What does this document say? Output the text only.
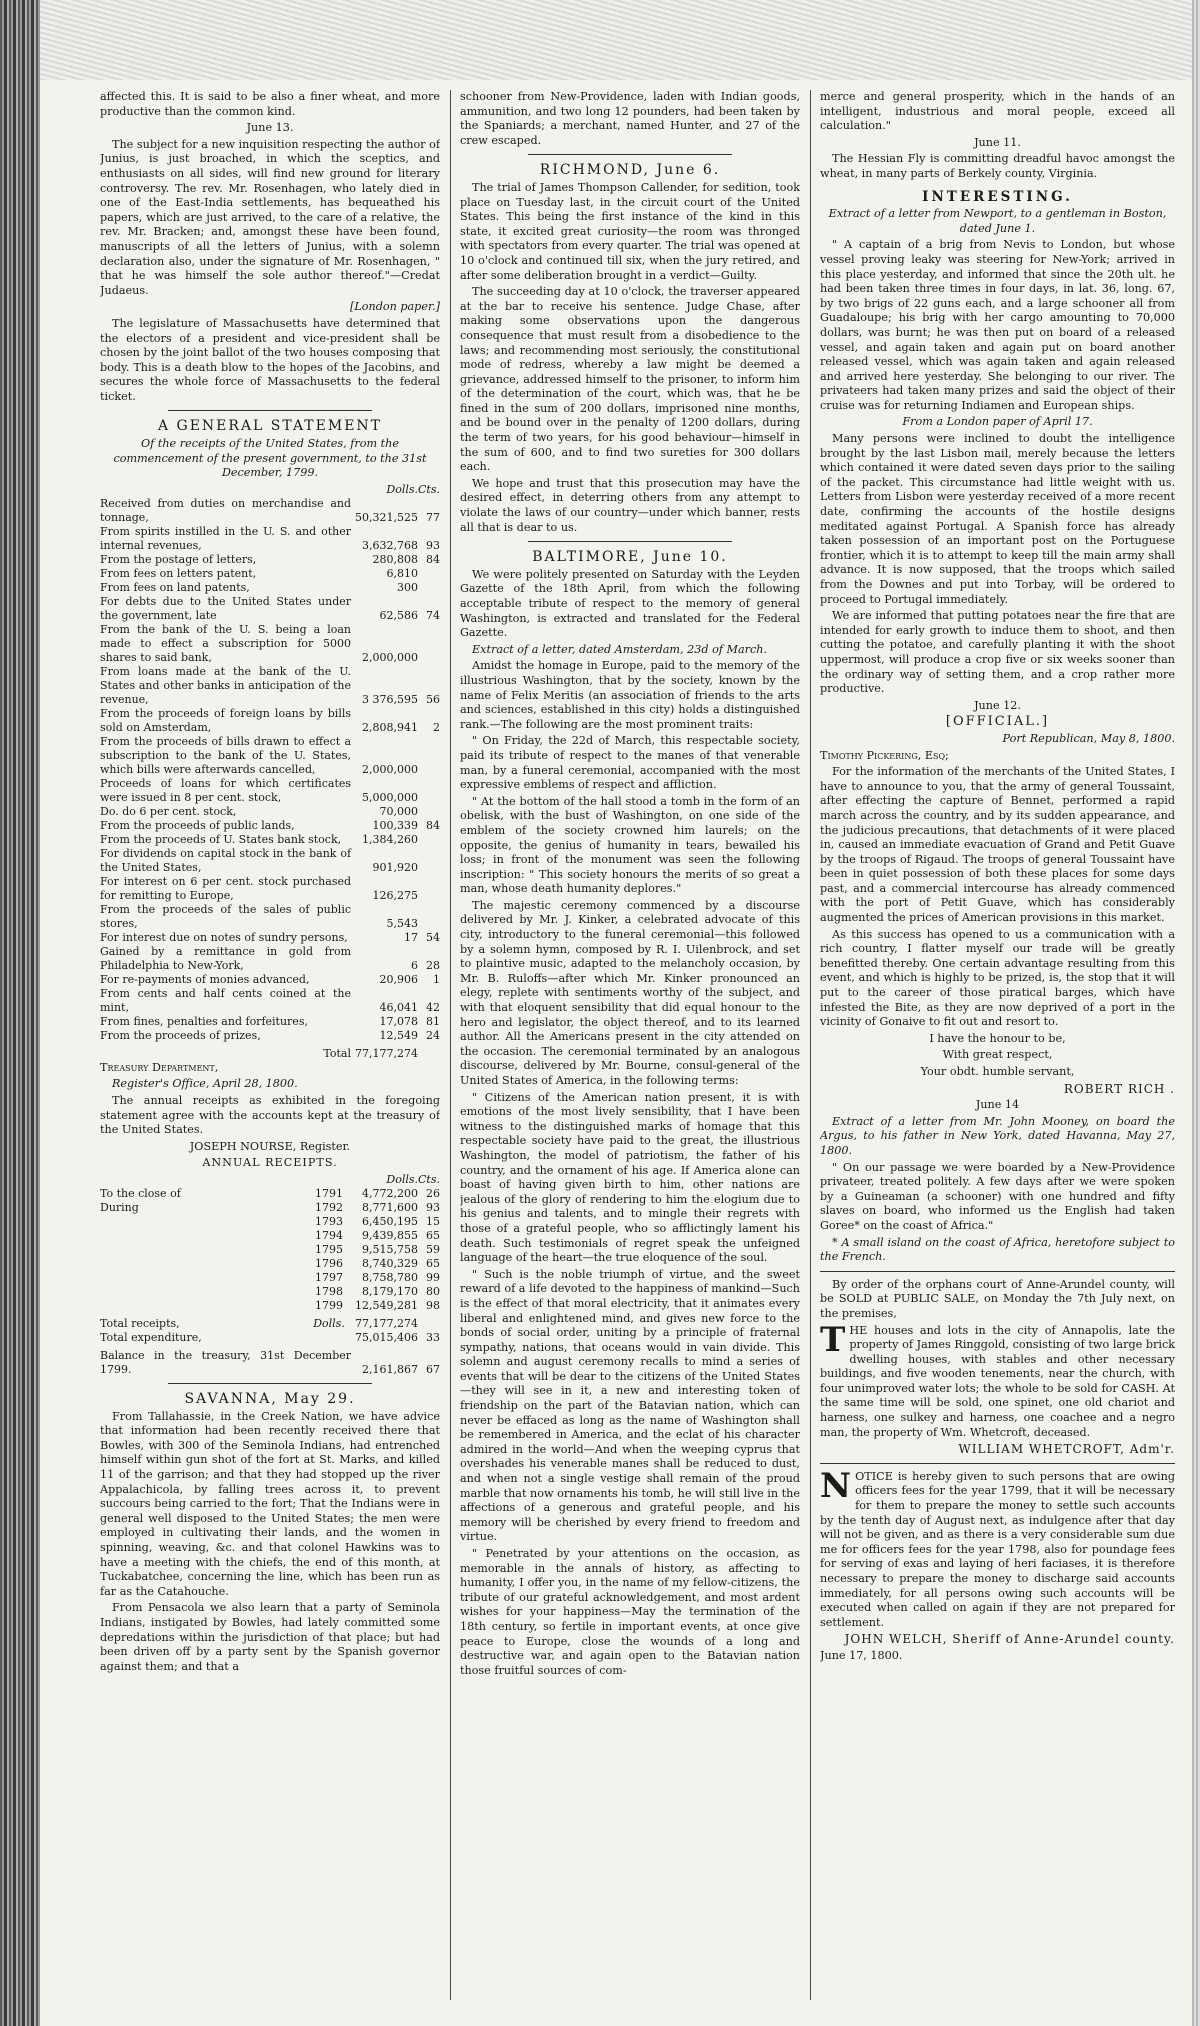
affected this. It is said to be also a finer wheat, and more productive than the common kind.

June 13.

The subject for a new inquisition respecting the author of Junius, is just broached, in which the sceptics, and enthusiasts on all sides, will find new ground for literary controversy. The rev. Mr. Rosenhagen, who lately died in one of the East-India settlements, has bequeathed his papers, which are just arrived, to the care of a relative, the rev. Mr. Bracken; and, amongst these have been found, manuscripts of all the letters of Junius, with a solemn declaration also, under the signature of Mr. Rosenhagen, " that he was himself the sole author thereof."—Credat Judaeus.

[London paper.]

The legislature of Massachusetts have determined that the electors of a president and vice-president shall be chosen by the joint ballot of the two houses composing that body. This is a death blow to the hopes of the Jacobins, and secures the whole force of Massachusetts to the federal ticket.

A GENERAL STATEMENT

Of the receipts of the United States, from the commencement of the present government, to the 31st December, 1799.

	Dolls.	Cts.
Received from duties on merchandise and tonnage,	50,321,525	77
From spirits instilled in the U. S. and other internal revenues,	3,632,768	93
From the postage of letters,	280,808	84
From fees on letters patent,	6,810	
From fees on land patents,	300	
For debts due to the United States under the government, late	62,586	74
From the bank of the U. S. being a loan made to effect a subscription for 5000 shares to said bank,	2,000,000	
From loans made at the bank of the U. States and other banks in anticipation of the revenue,	3 376,595	56
From the proceeds of foreign loans by bills sold on Amsterdam,	2,808,941	2
From the proceeds of bills drawn to effect a subscription to the bank of the U. States, which bills were afterwards cancelled,	2,000,000	
Proceeds of loans for which certificates were issued in 8 per cent. stock,	5,000,000	
Do. do 6 per cent. stock,	70,000	
From the proceeds of public lands,	100,339	84
From the proceeds of U. States bank stock,	1,384,260	
For dividends on capital stock in the bank of the United States,	901,920	
For interest on 6 per cent. stock purchased for remitting to Europe,	126,275	
From the proceeds of the sales of public stores,	5,543	
For interest due on notes of sundry persons,	17	54
Gained by a remittance in gold from Philadelphia to New-York,	6	28
For re-payments of monies advanced,	20,906	1
From cents and half cents coined at the mint,	46,041	42
From fines, penalties and forfeitures,	17,078	81
From the proceeds of prizes,	12,549	24
Total	77,177,274	

Treasury Department,

Register's Office, April 28, 1800.

The annual receipts as exhibited in the foregoing statement agree with the accounts kept at the treasury of the United States.

JOSEPH NOURSE, Register.

ANNUAL RECEIPTS.

		Dolls.	Cts.
To the close of	1791	4,772,200	26
During	1792	8,771,600	93
	1793	6,450,195	15
	1794	9,439,855	65
	1795	9,515,758	59
	1796	8,740,329	65
	1797	8,758,780	99
	1798	8,179,170	80
	1799	12,549,281	98
Total receipts,	Dolls.	77,177,274	
Total expenditure,		75,015,406	33
Balance in the treasury, 31st December 1799.		2,161,867	67
SAVANNA, May 29.

From Tallahassie, in the Creek Nation, we have advice that information had been recently received there that Bowles, with 300 of the Seminola Indians, had entrenched himself within gun shot of the fort at St. Marks, and killed 11 of the garrison; and that they had stopped up the river Appalachicola, by falling trees across it, to prevent succours being carried to the fort; That the Indians were in general well disposed to the United States; the men were employed in cultivating their lands, and the women in spinning, weaving, &c. and that colonel Hawkins was to have a meeting with the chiefs, the end of this month, at Tuckabatchee, concerning the line, which has been run as far as the Catahouche.

From Pensacola we also learn that a party of Seminola Indians, instigated by Bowles, had lately committed some depredations within the jurisdiction of that place; but had been driven off by a party sent by the Spanish governor against them; and that a

schooner from New-Providence, laden with Indian goods, ammunition, and two long 12 pounders, had been taken by the Spaniards; a merchant, named Hunter, and 27 of the crew escaped.

RICHMOND, June 6.

The trial of James Thompson Callender, for sedition, took place on Tuesday last, in the circuit court of the United States. This being the first instance of the kind in this state, it excited great curiosity—the room was thronged with spectators from every quarter. The trial was opened at 10 o'clock and continued till six, when the jury retired, and after some deliberation brought in a verdict—Guilty.

The succeeding day at 10 o'clock, the traverser appeared at the bar to receive his sentence. Judge Chase, after making some observations upon the dangerous consequence that must result from a disobedience to the laws; and recommending most seriously, the constitutional mode of redress, whereby a law might be deemed a grievance, addressed himself to the prisoner, to inform him of the determination of the court, which was, that he be fined in the sum of 200 dollars, imprisoned nine months, and be bound over in the penalty of 1200 dollars, during the term of two years, for his good behaviour—himself in the sum of 600, and to find two sureties for 300 dollars each.

We hope and trust that this prosecution may have the desired effect, in deterring others from any attempt to violate the laws of our country—under which banner, rests all that is dear to us.

BALTIMORE, June 10.

We were politely presented on Saturday with the Leyden Gazette of the 18th April, from which the following acceptable tribute of respect to the memory of general Washington, is extracted and translated for the Federal Gazette.

Extract of a letter, dated Amsterdam, 23d of March.

Amidst the homage in Europe, paid to the memory of the illustrious Washington, that by the society, known by the name of Felix Meritis (an association of friends to the arts and sciences, established in this city) holds a distinguished rank.—The following are the most prominent traits:

" On Friday, the 22d of March, this respectable society, paid its tribute of respect to the manes of that venerable man, by a funeral ceremonial, accompanied with the most expressive emblems of respect and affliction.

" At the bottom of the hall stood a tomb in the form of an obelisk, with the bust of Washington, on one side of the emblem of the society crowned him laurels; on the opposite, the genius of humanity in tears, bewailed his loss; in front of the monument was seen the following inscription: " This society honours the merits of so great a man, whose death humanity deplores."

The majestic ceremony commenced by a discourse delivered by Mr. J. Kinker, a celebrated advocate of this city, introductory to the funeral ceremonial—this followed by a solemn hymn, composed by R. I. Uilenbrock, and set to plaintive music, adapted to the melancholy occasion, by Mr. B. Ruloffs—after which Mr. Kinker pronounced an elegy, replete with sentiments worthy of the subject, and with that eloquent sensibility that did equal honour to the hero and legislator, the object thereof, and to its learned author. All the Americans present in the city attended on the occasion. The ceremonial terminated by an analogous discourse, delivered by Mr. Bourne, consul-general of the United States of America, in the following terms:

" Citizens of the American nation present, it is with emotions of the most lively sensibility, that I have been witness to the distinguished marks of homage that this respectable society have paid to the great, the illustrious Washington, the model of patriotism, the father of his country, and the ornament of his age. If America alone can boast of having given birth to him, other nations are jealous of the glory of rendering to him the elogium due to his genius and talents, and to mingle their regrets with those of a grateful people, who so afflictingly lament his death. Such testimonials of regret speak the unfeigned language of the heart—the true eloquence of the soul.

" Such is the noble triumph of virtue, and the sweet reward of a life devoted to the happiness of mankind—Such is the effect of that moral electricity, that it animates every liberal and enlightened mind, and gives new force to the bonds of social order, uniting by a principle of fraternal sympathy, nations, that oceans would in vain divide. This solemn and august ceremony recalls to mind a series of events that will be dear to the citizens of the United States—they will see in it, a new and interesting token of friendship on the part of the Batavian nation, which can never be effaced as long as the name of Washington shall be remembered in America, and the eclat of his character admired in the world—And when the weeping cyprus that overshades his venerable manes shall be reduced to dust, and when not a single vestige shall remain of the proud marble that now ornaments his tomb, he will still live in the affections of a generous and grateful people, and his memory will be cherished by every friend to freedom and virtue.

" Penetrated by your attentions on the occasion, as memorable in the annals of history, as affecting to humanity, I offer you, in the name of my fellow-citizens, the tribute of our grateful acknowledgement, and most ardent wishes for your happiness—May the termination of the 18th century, so fertile in important events, at once give peace to Europe, close the wounds of a long and destructive war, and again open to the Batavian nation those fruitful sources of com-

merce and general prosperity, which in the hands of an intelligent, industrious and moral people, exceed all calculation."

June 11.

The Hessian Fly is committing dreadful havoc amongst the wheat, in many parts of Berkely county, Virginia.

INTERESTING.

Extract of a letter from Newport, to a gentleman in Boston, dated June 1.

" A captain of a brig from Nevis to London, but whose vessel proving leaky was steering for New-York; arrived in this place yesterday, and informed that since the 20th ult. he had been taken three times in four days, in lat. 36, long. 67, by two brigs of 22 guns each, and a large schooner all from Guadaloupe; his brig with her cargo amounting to 70,000 dollars, was burnt; he was then put on board of a released vessel, and again taken and again put on board another released vessel, which was again taken and again released and arrived here yesterday. She belonging to our river. The privateers had taken many prizes and said the object of their cruise was for returning Indiamen and European ships.

From a London paper of April 17.

Many persons were inclined to doubt the intelligence brought by the last Lisbon mail, merely because the letters which contained it were dated seven days prior to the sailing of the packet. This circumstance had little weight with us. Letters from Lisbon were yesterday received of a more recent date, confirming the accounts of the hostile designs meditated against Portugal. A Spanish force has already taken possession of an important post on the Portuguese frontier, which it is to attempt to keep till the main army shall advance. It is now supposed, that the troops which sailed from the Downes and put into Torbay, will be ordered to proceed to Portugal immediately.

We are informed that putting potatoes near the fire that are intended for early growth to induce them to shoot, and then cutting the potatoe, and carefully planting it with the shoot uppermost, will produce a crop five or six weeks sooner than the ordinary way of setting them, and a crop rather more productive.

June 12.

[OFFICIAL.]

Port Republican, May 8, 1800.

Timothy Pickering, Esq;

For the information of the merchants of the United States, I have to announce to you, that the army of general Toussaint, after effecting the capture of Bennet, performed a rapid march across the country, and by its sudden appearance, and the judicious precautions, that detachments of it were placed in, caused an immediate evacuation of Grand and Petit Guave by the troops of Rigaud. The troops of general Toussaint have been in quiet possession of both these places for some days past, and a commercial intercourse has already commenced with the port of Petit Guave, which has considerably augmented the prices of American provisions in this market.

As this success has opened to us a communication with a rich country, I flatter myself our trade will be greatly benefitted thereby. One certain advantage resulting from this event, and which is highly to be prized, is, the stop that it will put to the career of those piratical barges, which have infested the Bite, as they are now deprived of a port in the vicinity of Gonaive to fit out and resort to.

I have the honour to be,

With great respect,

Your obdt. humble servant,

ROBERT RICH .

June 14

Extract of a letter from Mr. John Mooney, on board the Argus, to his father in New York, dated Havanna, May 27, 1800.

" On our passage we were boarded by a New-Providence privateer, treated politely. A few days after we were spoken by a Guineaman (a schooner) with one hundred and fifty slaves on board, who informed us the English had taken Goree* on the coast of Africa."

* A small island on the coast of Africa, heretofore subject to the French.

By order of the orphans court of Anne-Arundel county, will be SOLD at PUBLIC SALE, on Monday the 7th July next, on the premises,

THE houses and lots in the city of Annapolis, late the property of James Ringgold, consisting of two large brick dwelling houses, with stables and other necessary buildings, and five wooden tenements, near the church, with four unimproved water lots; the whole to be sold for CASH. At the same time will be sold, one spinet, one old chariot and harness, one sulkey and harness, one coachee and a negro man, the property of Wm. Whetcroft, deceased.

WILLIAM WHETCROFT, Adm'r.

NOTICE is hereby given to such persons that are owing officers fees for the year 1799, that it will be necessary for them to prepare the money to settle such accounts by the tenth day of August next, as indulgence after that day will not be given, and as there is a very considerable sum due me for officers fees for the year 1798, also for poundage fees for serving of exas and laying of heri faciases, it is therefore necessary to prepare the money to discharge said accounts immediately, for all persons owing such accounts will be executed when called on again if they are not prepared for settlement.

JOHN WELCH, Sheriff of Anne-Arundel county.

June 17, 1800.
